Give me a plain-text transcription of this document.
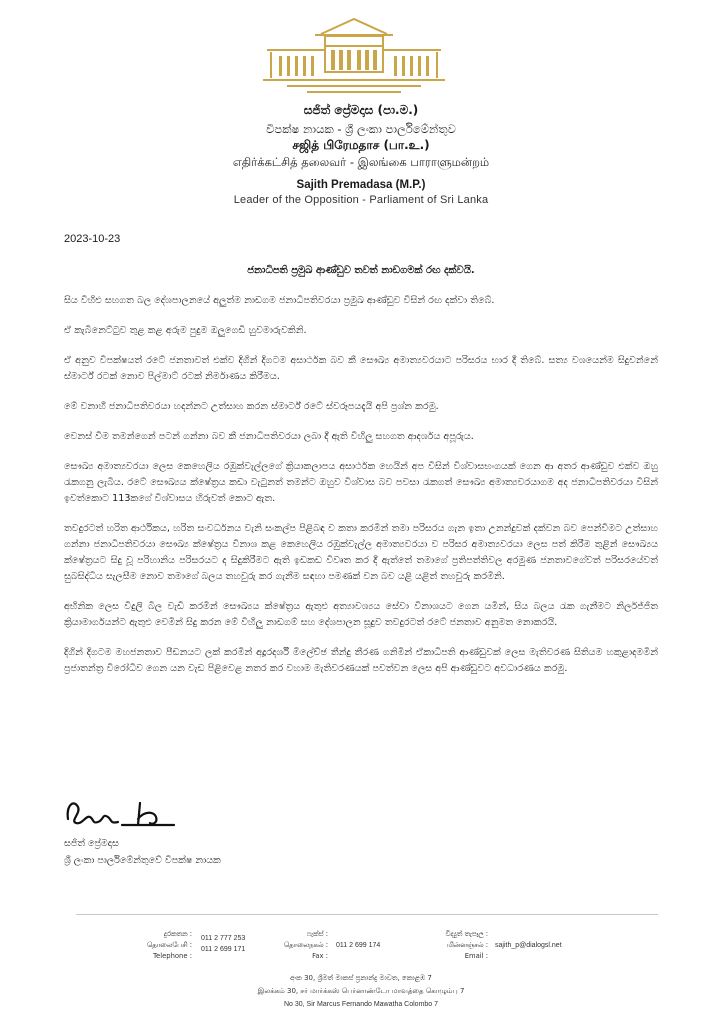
සජිත් ප්‍රේමදාස (පා.ම.)
විපක්ෂ නායක - ශ්‍රී ලංකා පාර්ලිමේන්තුව
சஜித் பிரேமதாச (பா.உ.)
எதிர்க்கட்சித் தலைவர் - இலங்கை பாராளுமன்றம்
Sajith Premadasa (M.P.)
Leader of the Opposition - Parliament of Sri Lanka
2023-10-23
ජනාධිපති ප්‍රමුඛ ආණ්ඩුව තවත් නාඩගමක් රඟ දක්වයි.

සිය විහිළු සහගත බල දේශපාලනයේ අලුත්ම නාඩගම ජනාධිපතිවරයා ප්‍රමුඛ ආණ්ඩුව විසින් රඟ දක්වා තිබේ.

ඒ කැබිනෙට්ටුව තුළ කළ අරුම පුදුම ඔලුගෙඩි හුවමාරුවකිනි.

ඒ අනුව විපක්ෂයත් රටේ ජනතාවත් එක්ව දිගින් දිගටම අසාර්ථක බව කී සෞඛ්‍ය අමාත්‍යවරයාට පරිසරය භාර දී තිබේ. සත්‍ය වශයෙන්ම සිදුවන්නේ ස්මාර්ට් රටක් නොව පිල්මාට් රටක් නිර්මාණය කිරීමය.

මේ වනාහී ජනාධිපතිවරයා හදන්නට උත්සාහ කරන ස්මාර්ට් රටේ ස්වරූපයදැයි අපි ප්‍රශ්න කරමු.

වෙනස් වීම තමන්ගෙන් පටන් ගන්නා බව කී ජනාධිපතිවරයා ලබා දී ඇති විහිලු සහගත ආදර්ශය අපූරුය.

සෞඛ්‍ය අමාත්‍යවරයා ලෙස කෙහෙලිය රඹුක්වැල්ලගේ ක්‍රියාකලාපය අසාර්ථක හෙයින් අප විසින් විශ්වාසභංගයක් ගෙන ආ අතර ආණ්ඩුව එක්ව ඔහු රැකගනු ලැබීය. රටේ සෞඛ්‍යය ක්ෂේත්‍රය කඩා වැටුනත් තමන්ට ඔහුව විශ්වාස බව පවසා රැකගත් සෞඛ්‍ය අමාත්‍යවරයාගම අද ජනාධිපතිවරයා විසින් ඉවත්කොට 113කගේ විශ්වාසය හිරුවත් කොට ඇත.

තවදුරටත් හරිත ආර්ථිකය, හරිත සංවර්ධනය වැනි සංකල්ප පිළිබඳ ව කතා කරමින් තමා පරිසරය ගැන ඉතා උනන්දුවක් දක්වන බව පෙන්වීමට උත්සාහ ගන්නා ජනාධිපතිවරයා සෞඛ්‍ය ක්ෂේත්‍රය විනාශ කළ කෙහෙලිය රඹුක්වැල්ල අමාත්‍යවරයා ව පරිසර අමාත්‍යවරයා ලෙස පත් කිරීම තුළින් සෞඛ්‍යය ක්ෂේත්‍රයට සිදු වූ පරිහානිය පරිසරයට ද සිදුකිරීමට ඇති ඉඩකඩ විවෘත කර දී ඇත්තේ තමාගේ ප්‍රතිපත්තිවල අරමුණ ජනතාවගේවත් පරිසරයේවත් සුබසිද්ධිය සැලසීම නොව තමාගේ බලය තහවුරු කර ගැනීම සඳහා පමණක් වන බව යළි යළිත් තහවුරු කරමිනි.

අභිනික ලෙස විදුලි බිල වැඩි කරමින් සෞඛ්‍යය ක්ෂේත්‍රය ඇතුළු අත්‍යාවශ්‍යය සේවා විනාශයට ගෙන යමින්, සිය බලය රැක ගැනීමට නිර්ලජ්ජිත ක්‍රියාමාර්ගයන්ට ඇතුළු වෙමින් සිදු කරන මේ විහිලු නාඩගම් සහ දේශපාලන සූදුව තවදුරටත් රටේ ජනතාව අනුමත නොකරයි.

දිගින් දිගටම මහජනතාව පීඩනයට ලක් කරමින් අදූරදර්ශී මිලේච්ඡ තීන්දු තීරණ ගනිමින් ඒකාධිපති ආණ්ඩුවක් ලෙස මැතිවරණ සිතියම හකුළාදමමින් ප්‍රජාතන්ත්‍ර විරෝධීව ගෙන යන වැඩ පිළිවෙළ නතර කර වහාම මැතිවරණයක් පවත්වන ලෙස අපි ආණ්ඩුවට අවධාරණය කරමු.

සජිත් ප්‍රේමදාස
ශ්‍රී ලංකා පාර්ලිමේන්තුවේ විපක්ෂ නායක
දුරකතන :
தொலைபேசி :
Telephone :
011 2 777 253
011 2 699 171
ෆැක්ස් :
தொலைநகல் :
Fax :
011 2 699 174
විද්‍යුත් තැපෑල :
மின்னஞ்சல் :
Email :
sajith_p@dialogsl.net
අංක 30, ශ්‍රීමත් මාකස් ප්‍රනාන්දු මාවත, කොළඹ 7
இலக்கம் 30, சர் மார்க்கஸ் பெர்னாண்டோ மாவத்தை கொழும்பு 7
No 30, Sir Marcus Fernando Mawatha Colombo 7
